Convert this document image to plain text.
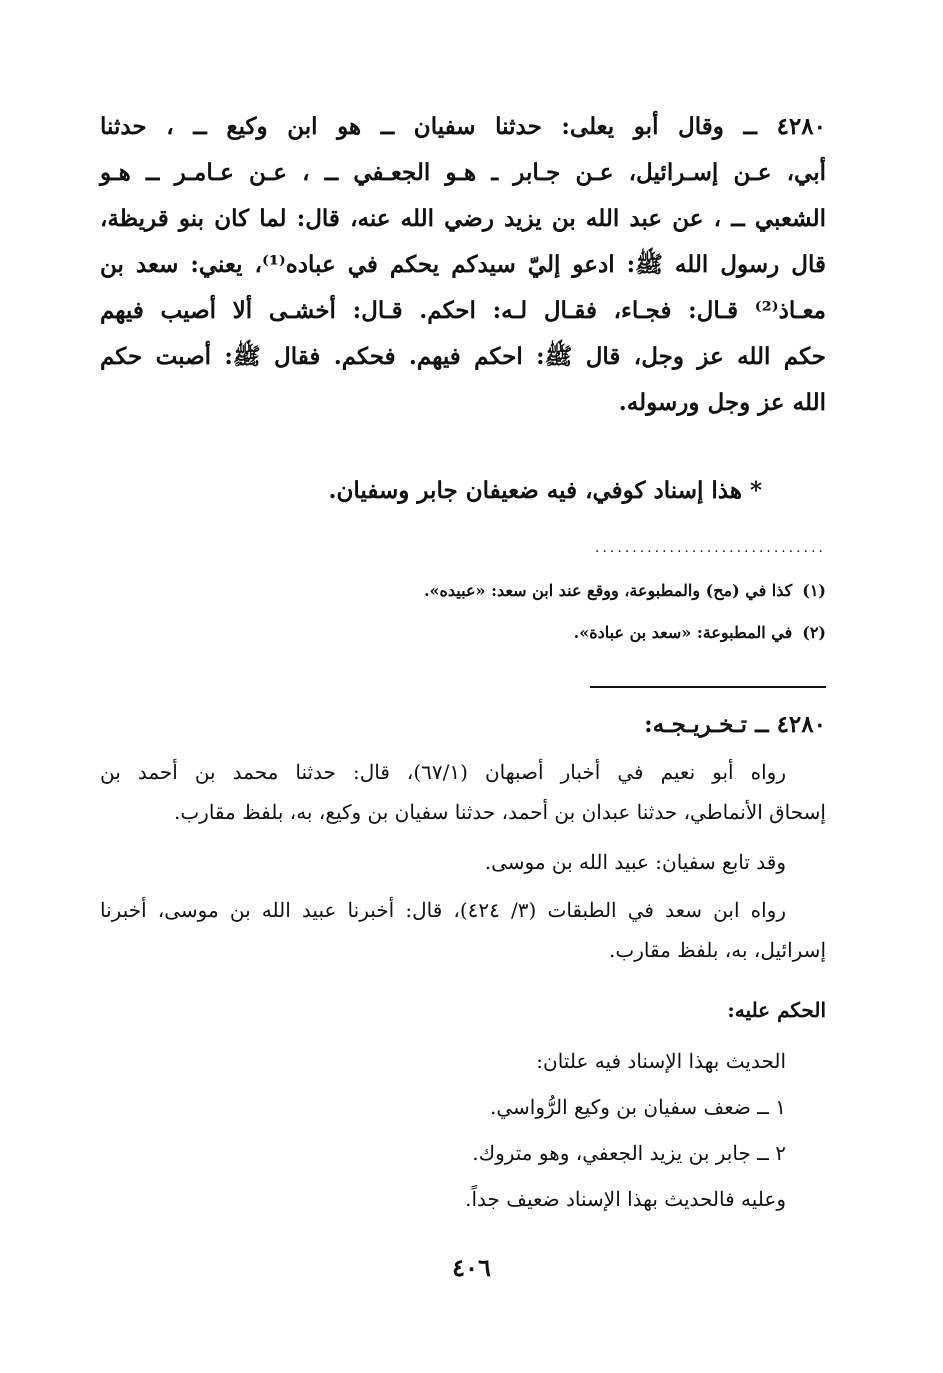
٤٢٨٠ ــ وقال أبو يعلى: حدثنا سفيان ــ هو ابن وكيع ــ ، حدثنا
أبي، عـن إسـرائيل، عـن جـابر ـ هـو الجعـفي ــ ، عـن عـامـر ــ هـو
الشعبي ــ ، عن عبد الله بن يزيد رضي الله عنه، قال: لما كان بنو قريظة،
قال رسول الله ﷺ: ادعو إليّ سيدكم يحكم في عباده⁽¹⁾، يعني: سعد بن
معـاذ⁽²⁾ قـال: فجـاء، فقـال لـه: احكم. قـال: أخشـى ألا أصيب فيهم
حكم الله عز وجل، قال ﷺ: احكم فيهم. فحكم. فقال ﷺ: أصبت حكم
الله عز وجل ورسوله.
* هذا إسناد كوفي، فيه ضعيفان جابر وسفيان.
...............................
(١)كذا في (مح) والمطبوعة، ووقع عند ابن سعد: «عبيده».
(٢)في المطبوعة: «سعد بن عبادة».
٤٢٨٠ ــ تـخـريـجـه:
رواه أبو نعيم في أخبار أصبهان (٦٧/١)، قال: حدثنا محمد بن أحمد بن
إسحاق الأنماطي، حدثنا عبدان بن أحمد، حدثنا سفيان بن وكيع، به، بلفظ مقارب.
وقد تابع سفيان: عبيد الله بن موسى.
رواه ابن سعد في الطبقات (٣/ ٤٢٤)، قال: أخبرنا عبيد الله بن موسى، أخبرنا
إسرائيل، به، بلفظ مقارب.
الحكم عليه:
الحديث بهذا الإسناد فيه علتان:
١ ــ ضعف سفيان بن وكيع الرُّواسي.
٢ ــ جابر بن يزيد الجعفي، وهو متروك.
وعليه فالحديث بهذا الإسناد ضعيف جداً.
٤٠٦
